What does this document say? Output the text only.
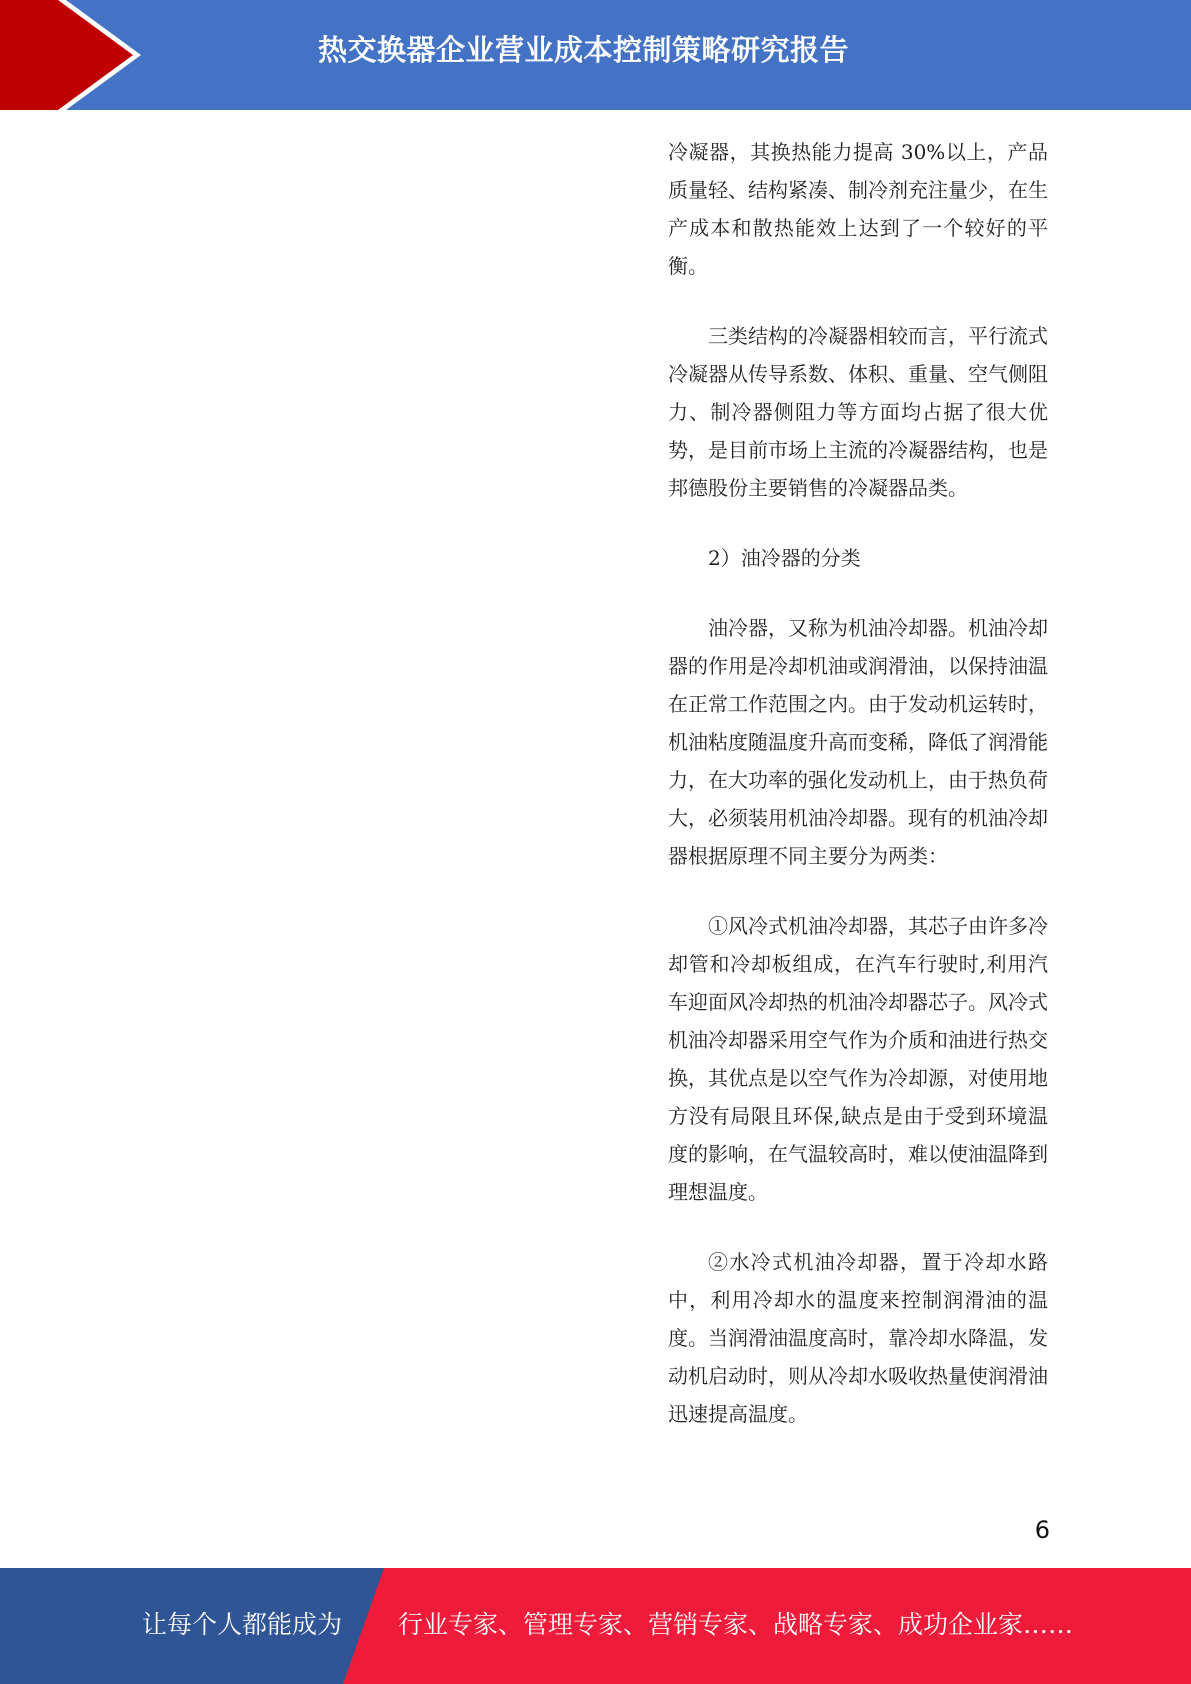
热交换器企业营业成本控制策略研究报告

冷凝器，其换热能力提高 30%以上，产品质量轻、结构紧凑、制冷剂充注量少，在生产成本和散热能效上达到了一个较好的平衡。

三类结构的冷凝器相较而言，平行流式冷凝器从传导系数、体积、重量、空气侧阻力、制冷器侧阻力等方面均占据了很大优势，是目前市场上主流的冷凝器结构，也是邦德股份主要销售的冷凝器品类。

2）油冷器的分类

油冷器，又称为机油冷却器。机油冷却器的作用是冷却机油或润滑油，以保持油温在正常工作范围之内。由于发动机运转时，机油粘度随温度升高而变稀，降低了润滑能力，在大功率的强化发动机上，由于热负荷大，必须装用机油冷却器。现有的机油冷却器根据原理不同主要分为两类：

①风冷式机油冷却器，其芯子由许多冷却管和冷却板组成，在汽车行驶时,利用汽车迎面风冷却热的机油冷却器芯子。风冷式机油冷却器采用空气作为介质和油进行热交换，其优点是以空气作为冷却源，对使用地方没有局限且环保,缺点是由于受到环境温度的影响，在气温较高时，难以使油温降到理想温度。

②水冷式机油冷却器，置于冷却水路中，利用冷却水的温度来控制润滑油的温度。当润滑油温度高时，靠冷却水降温，发动机启动时，则从冷却水吸收热量使润滑油迅速提高温度。

6
让每个人都能成为 行业专家、管理专家、营销专家、战略专家、成功企业家……
